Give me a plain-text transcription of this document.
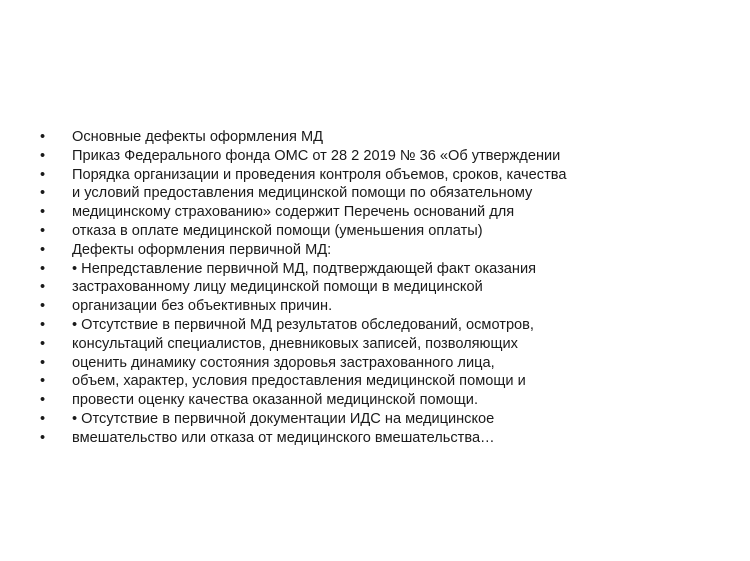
•	Основные дефекты оформления МД
•	Приказ Федерального фонда ОМС от 28 2 2019 № 36 «Об утверждении
•	Порядка организации и проведения контроля объемов, сроков, качества
•	и условий предоставления медицинской помощи по обязательному
•	медицинскому страхованию» содержит Перечень оснований для
•	отказа в оплате медицинской помощи (уменьшения оплаты)
•	Дефекты оформления первичной МД:
•	• Непредставление первичной МД, подтверждающей факт оказания
•	застрахованному лицу медицинской помощи в медицинской
•	организации без объективных причин.
•	• Отсутствие в первичной МД результатов обследований, осмотров,
•	консультаций специалистов, дневниковых записей, позволяющих
•	оценить динамику состояния здоровья застрахованного лица,
•	объем, характер, условия предоставления медицинской помощи и
•	провести оценку качества оказанной медицинской помощи.
•	• Отсутствие в первичной документации ИДС на медицинское
•	вмешательство или отказа от медицинского вмешательства…
